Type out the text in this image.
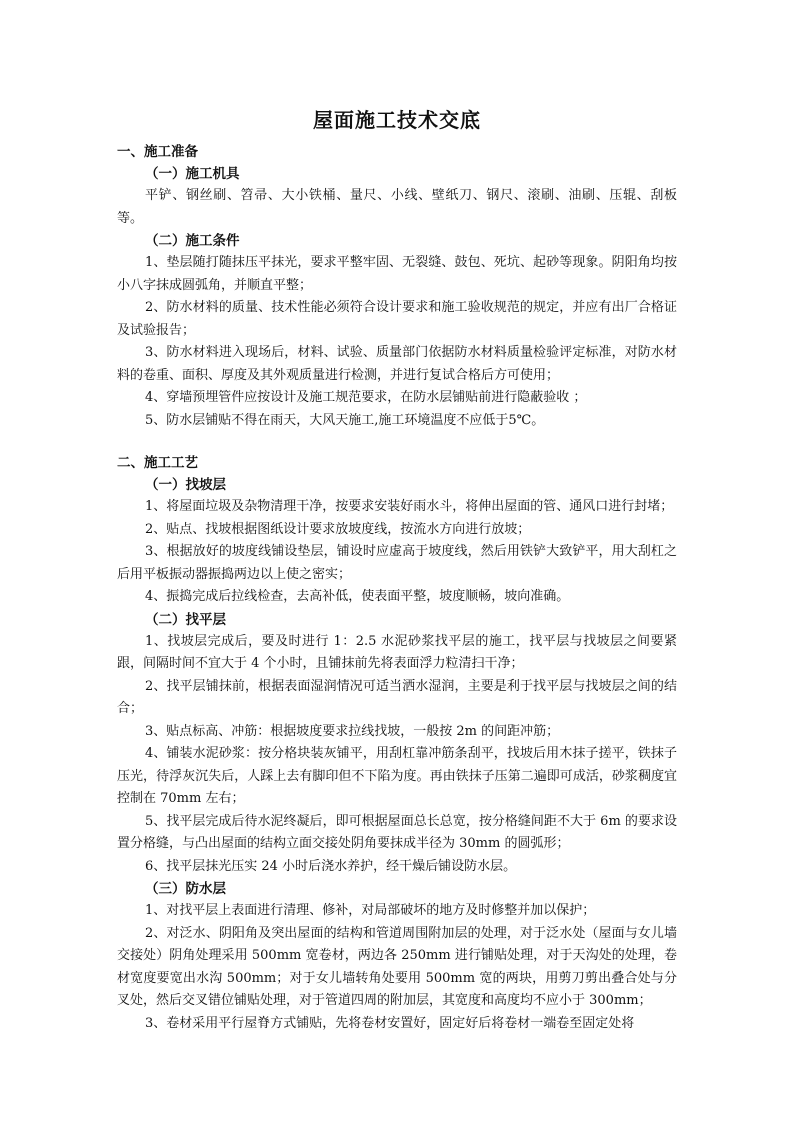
屋面施工技术交底
一、施工准备
（一）施工机具

平铲、钢丝刷、笤帚、大小铁桶、量尺、小线、壁纸刀、钢尺、滚刷、油刷、压辊、刮板等。

（二）施工条件

1、垫层随打随抹压平抹光，要求平整牢固、无裂缝、鼓包、死坑、起砂等现象。阴阳角均按小八字抹成圆弧角，并顺直平整；

2、防水材料的质量、技术性能必须符合设计要求和施工验收规范的规定，并应有出厂合格证及试验报告；

3、防水材料进入现场后，材料、试验、质量部门依据防水材料质量检验评定标准，对防水材料的卷重、面积、厚度及其外观质量进行检测，并进行复试合格后方可使用；

4、穿墙预埋管件应按设计及施工规范要求，在防水层铺贴前进行隐蔽验收 ；

5、防水层铺贴不得在雨天，大风天施工,施工环境温度不应低于5℃。

二、施工工艺
（一）找坡层

1、将屋面垃圾及杂物清理干净，按要求安装好雨水斗，将伸出屋面的管、通风口进行封堵；

2、贴点、找坡根据图纸设计要求放坡度线，按流水方向进行放坡；

3、根据放好的坡度线铺设垫层，铺设时应虚高于坡度线，然后用铁铲大致铲平，用大刮杠之后用平板振动器振捣两边以上使之密实；

4、振捣完成后拉线检查，去高补低，使表面平整，坡度顺畅，坡向准确。

（二）找平层

1、找坡层完成后，要及时进行 1：2.5 水泥砂浆找平层的施工，找平层与找坡层之间要紧跟，间隔时间不宜大于 4 个小时，且铺抹前先将表面浮力粒清扫干净；

2、找平层铺抹前，根据表面湿润情况可适当洒水湿润，主要是利于找平层与找坡层之间的结合；

3、贴点标高、冲筋：根据坡度要求拉线找坡，一般按 2m 的间距冲筋；

4、铺装水泥砂浆：按分格块装灰铺平，用刮杠靠冲筋条刮平，找坡后用木抹子搓平，铁抹子压光，待浮灰沉失后，人踩上去有脚印但不下陷为度。再由铁抹子压第二遍即可成活，砂浆稠度宜控制在 70mm 左右；

5、找平层完成后待水泥终凝后，即可根据屋面总长总宽，按分格缝间距不大于 6m 的要求设置分格缝，与凸出屋面的结构立面交接处阴角要抹成半径为 30mm 的圆弧形；

6、找平层抹光压实 24 小时后浇水养护，经干燥后铺设防水层。

（三）防水层

1、对找平层上表面进行清理、修补，对局部破坏的地方及时修整并加以保护；

2、对泛水、阴阳角及突出屋面的结构和管道周围附加层的处理，对于泛水处（屋面与女儿墙交接处）阴角处理采用 500mm 宽卷材，两边各 250mm 进行铺贴处理，对于天沟处的处理，卷材宽度要宽出水沟 500mm；对于女儿墙转角处要用 500mm 宽的两块，用剪刀剪出叠合处与分叉处，然后交叉错位铺贴处理，对于管道四周的附加层，其宽度和高度均不应小于 300mm；

3、卷材采用平行屋脊方式铺贴，先将卷材安置好，固定好后将卷材一端卷至固定处将
